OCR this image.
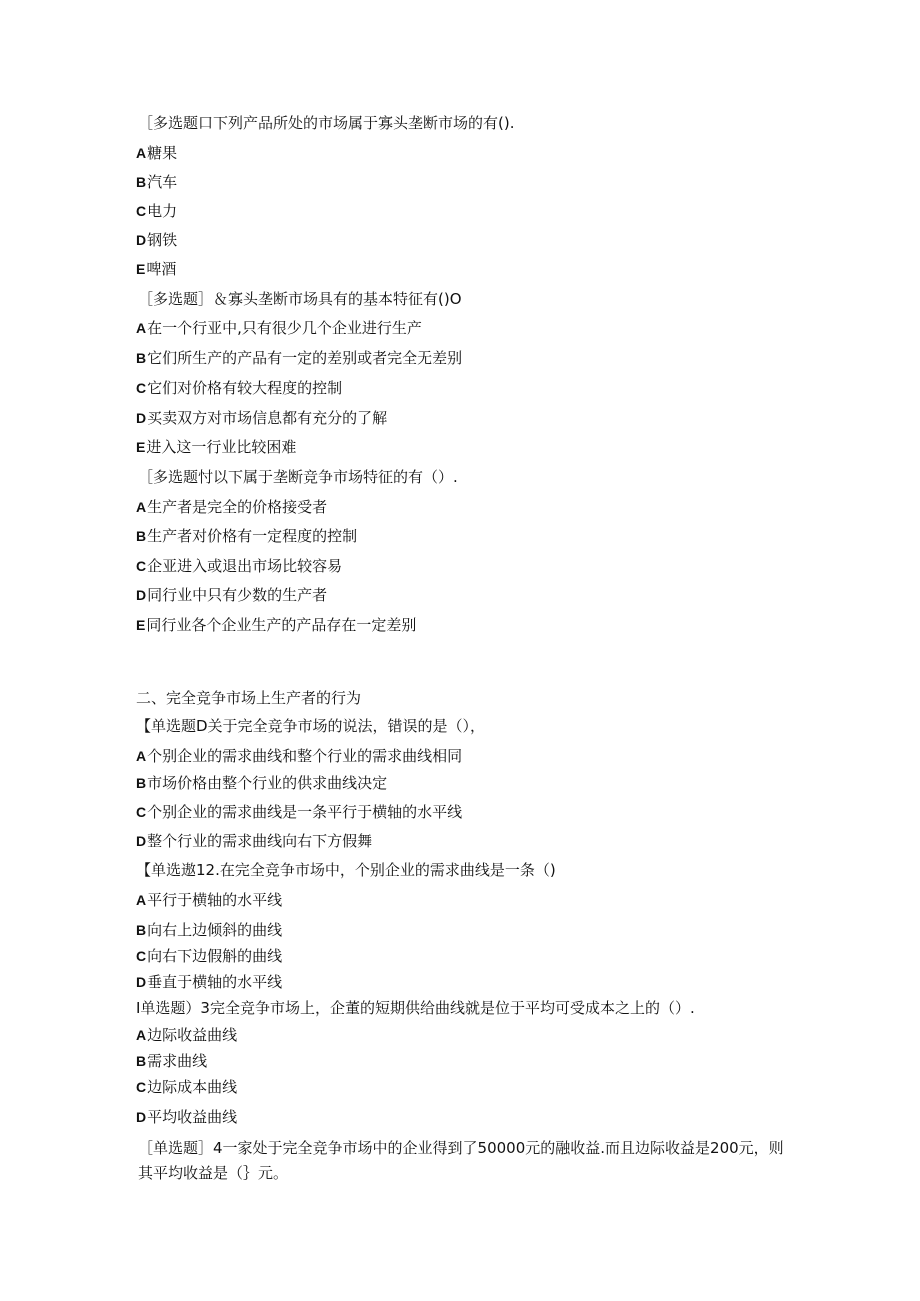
［多选题口下列产品所处的市场属于寡头垄断市场的有().
A糖果
B汽车
C电力
D钢铁
E啤酒
［多选题］＆寡头垄断市场具有的基本特征有()O
A在一个行亚中,只有很少几个企业进行生产
B它们所生产的产品有一定的差别或者完全无差别
C它们对价格有较大程度的控制
D买卖双方对市场信息都有充分的了解
E进入这一行业比较困难
［多选题忖以下属于垄断竞争市场特征的有（）.
A生产者是完全的价格接受者
B生产者对价格有一定程度的控制
C企亚进入或退出市场比较容易
D同行业中只有少数的生产者
E同行业各个企业生产的产品存在一定差别
二、完全竞争市场上生产者的行为
【单选题D关于完全竞争市场的说法，错误的是（），
A个别企业的需求曲线和整个行业的需求曲线相同
B市场价格由整个行业的供求曲线决定
C个别企业的需求曲线是一条平行于横轴的水平线
D整个行业的需求曲线向右下方假舞
【单选遨12.在完全竞争市场中，个别企业的需求曲线是一条（)
A平行于横轴的水平线
B向右上边倾斜的曲线
C向右下边假斛的曲线
D垂直于横轴的水平线
I单选题）3完全竞争市场上，企董的短期供给曲线就是位于平均可受成本之上的（）.
A边际收益曲线
B需求曲线
C边际成本曲线
D平均收益曲线
［单选题］4一家处于完全竞争市场中的企业得到了50000元的融收益.而且边际收益是200元，则其平均收益是（｝元。
